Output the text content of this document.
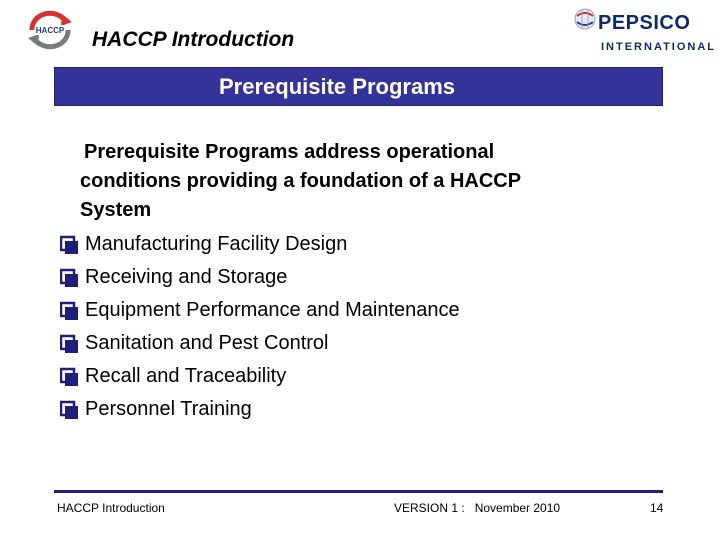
HACCP HACCP Introduction
PEPSICO
INTERNATIONAL
Prerequisite Programs
Prerequisite Programs address operational
conditions providing a foundation of a HACCP
System
Manufacturing Facility Design
Receiving and Storage
Equipment Performance and Maintenance
Sanitation and Pest Control
Recall and Traceability
Personnel Training
HACCP Introduction	VERSION 1 :   November 2010	14
